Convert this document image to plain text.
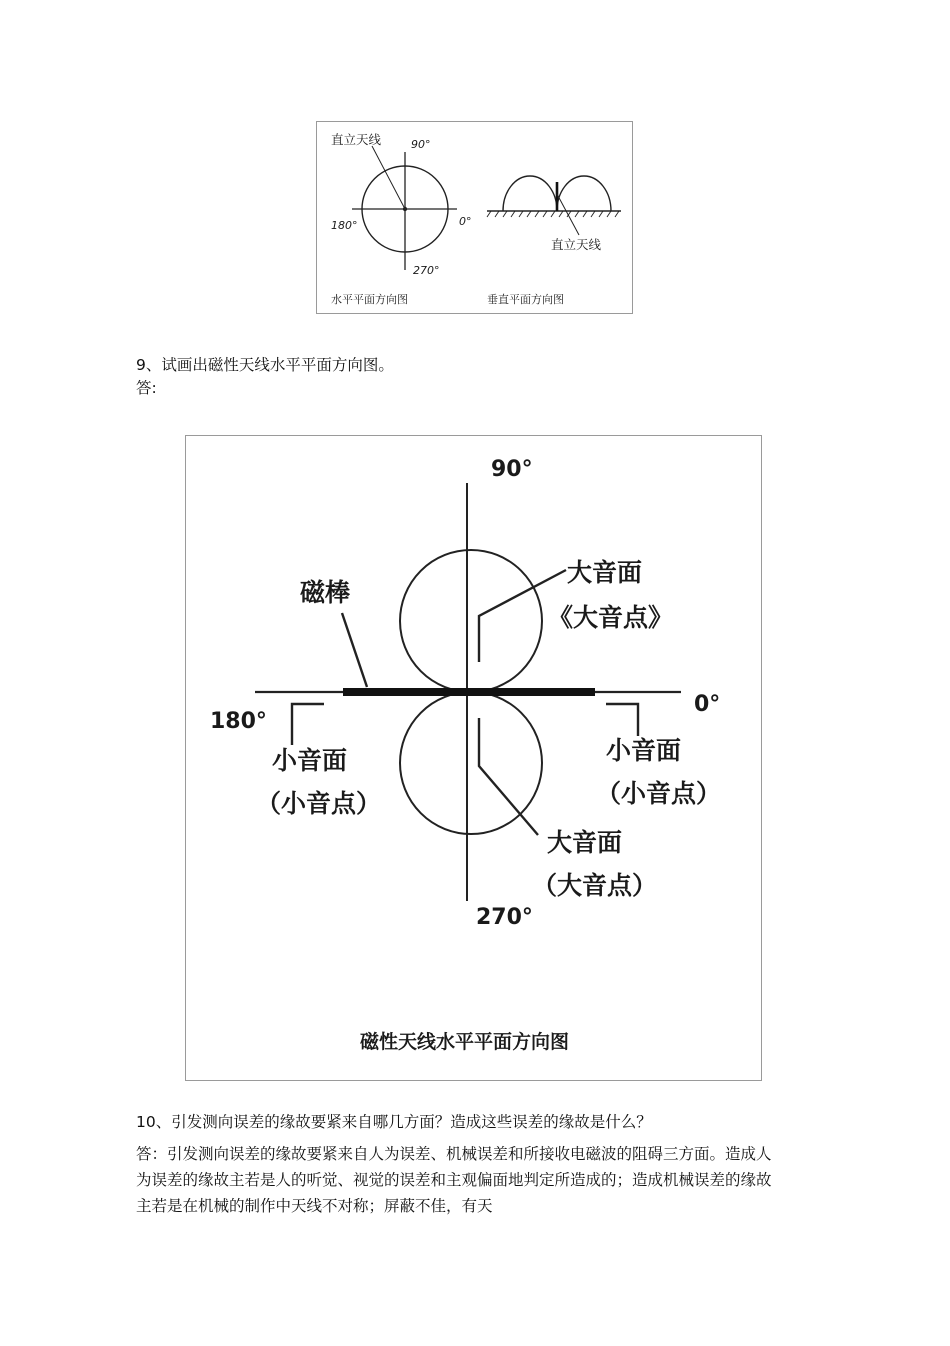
直立天线	90°
180°	0°
270°
水平平面方向图
直立天线
垂直平面方向图
9、试画出磁性天线水平平面方向图。
答:
90°
0°
180°
270°
磁棒
大音面
《大音点》
小音面
（小音点）
小音面
（小音点）
大音面
（大音点）
磁性天线水平平面方向图
10、引发测向误差的缘故要紧来自哪几方面？造成这些误差的缘故是什么？
答：引发测向误差的缘故要紧来自人为误差、机械误差和所接收电磁波的阻碍三方面。造成人为误差的缘故主若是人的听觉、视觉的误差和主观偏面地判定所造成的；造成机械误差的缘故主若是在机械的制作中天线不对称；屏蔽不佳，有天
